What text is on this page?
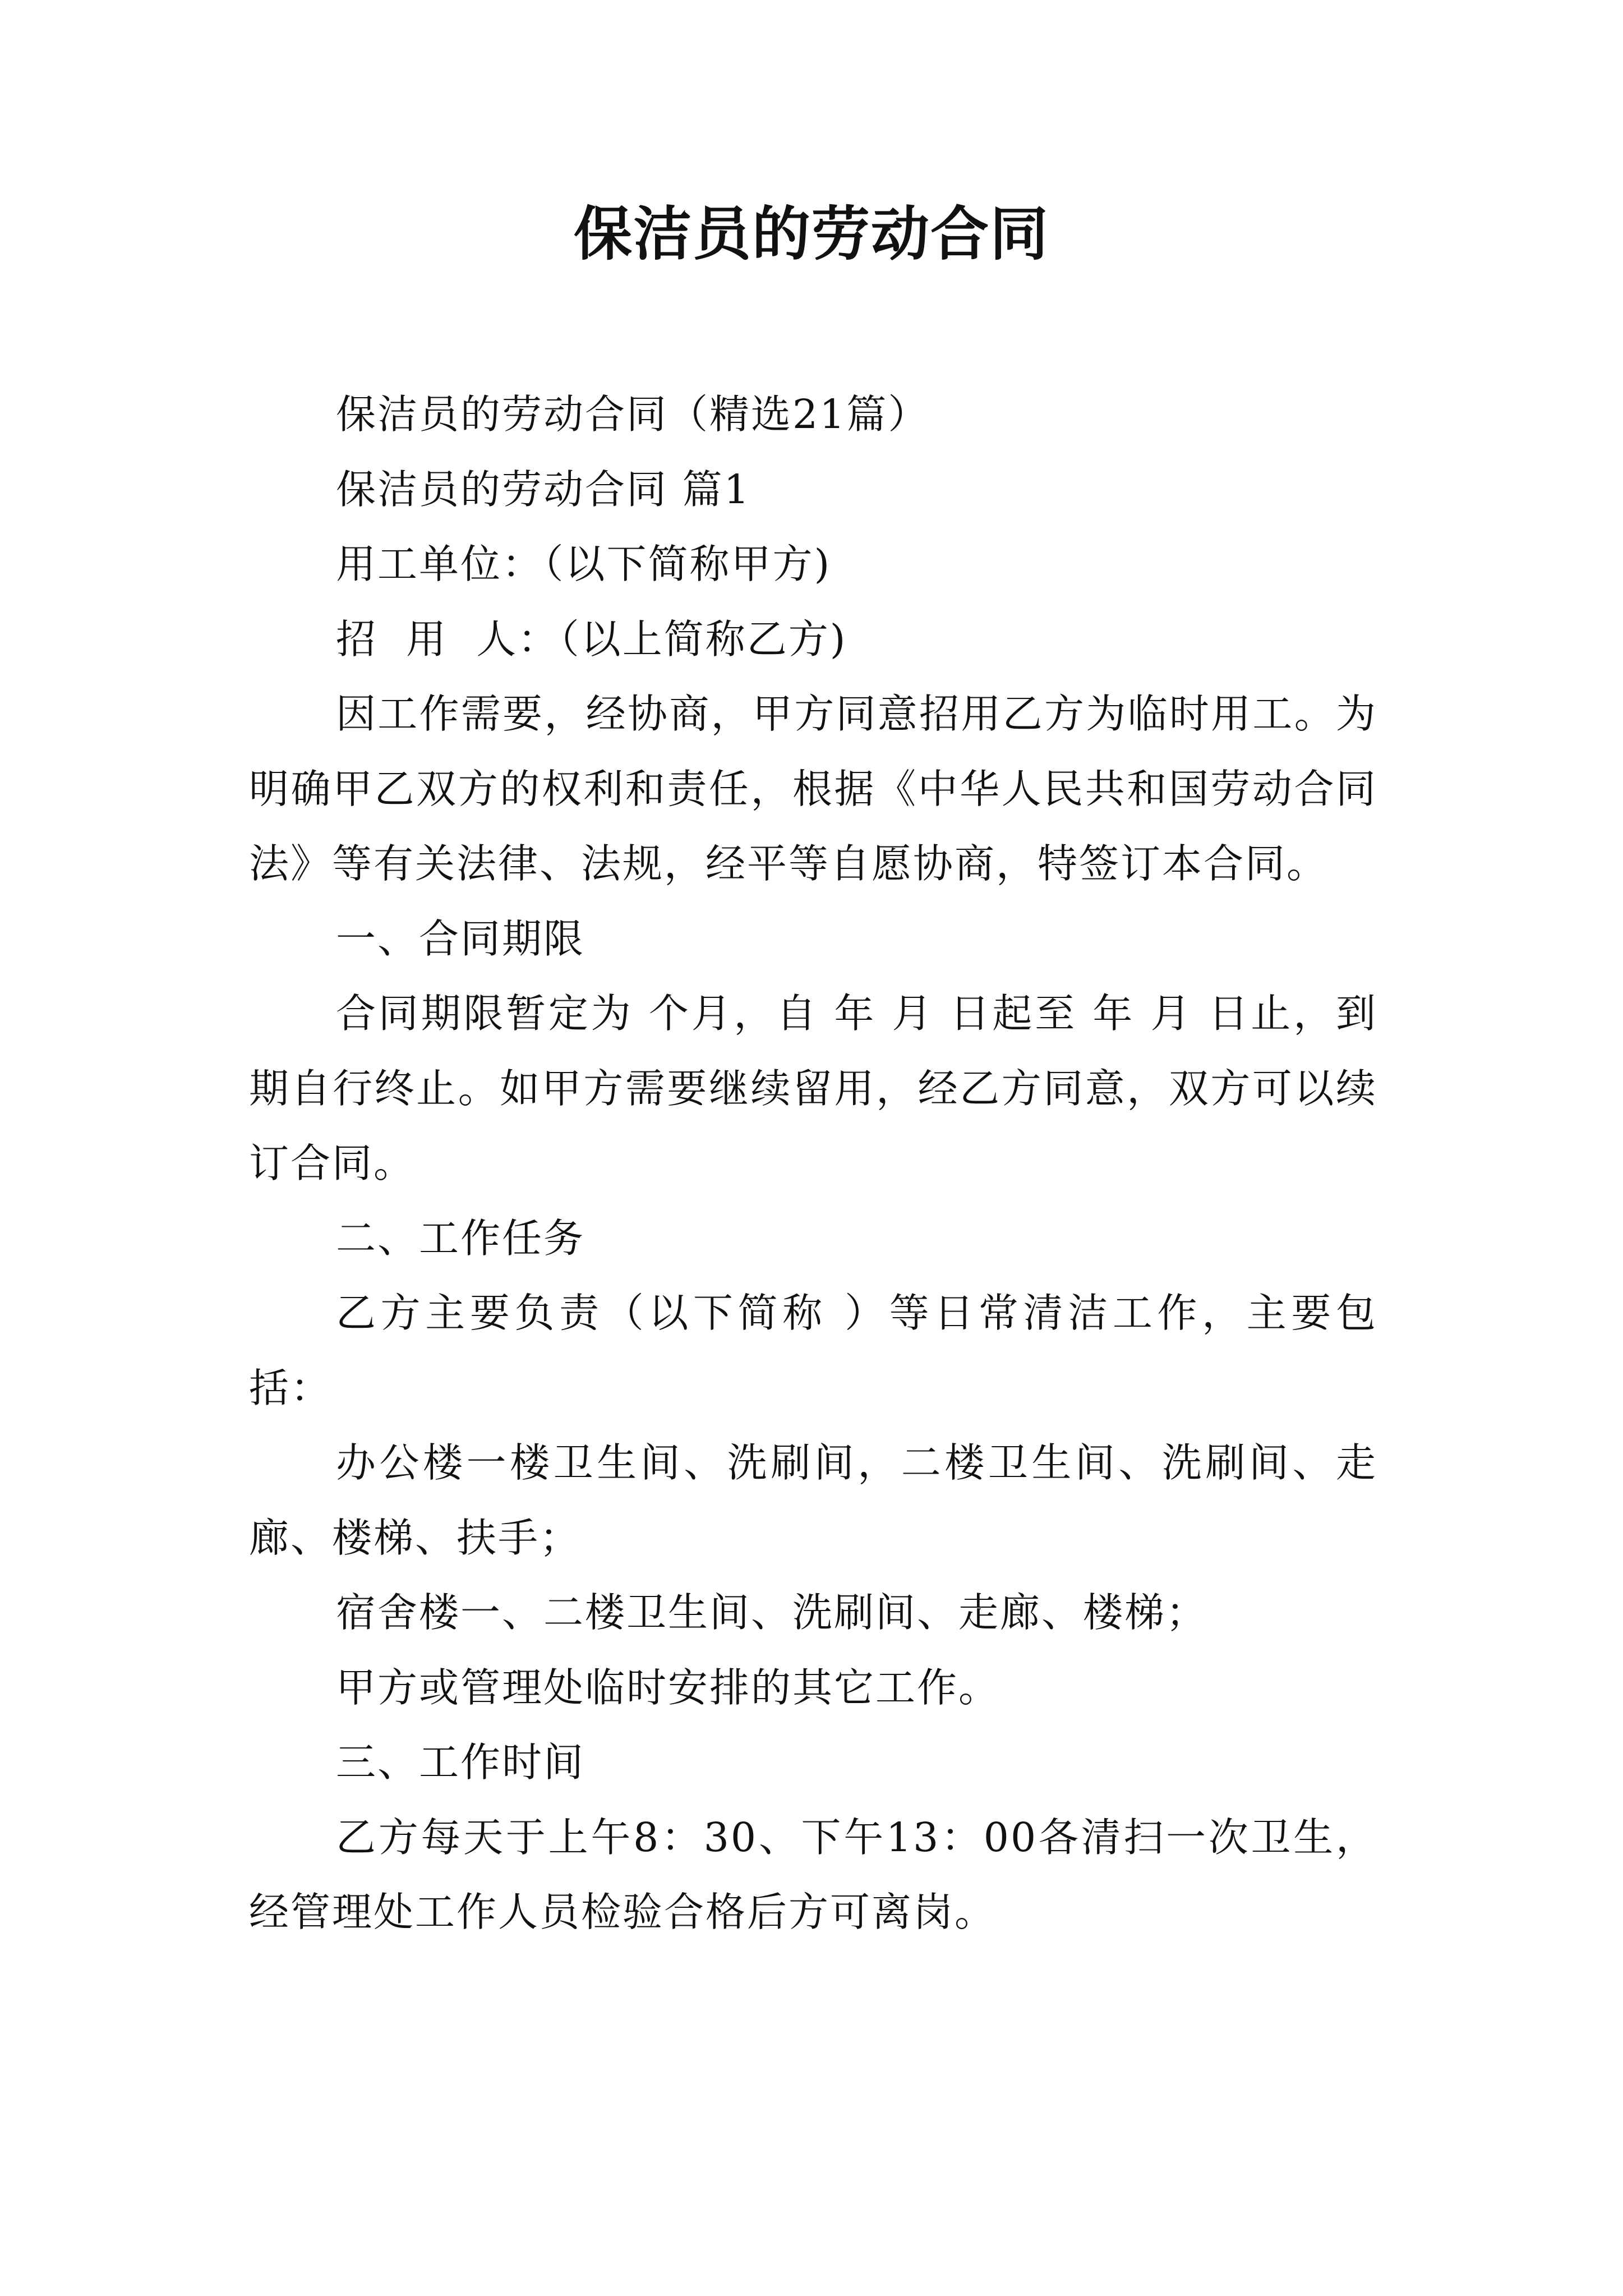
保洁员的劳动合同

保洁员的劳动合同（精选21篇）

保洁员的劳动合同 篇1

用工单位：（以下简称甲方)

招  用  人：（以上简称乙方)

因工作需要，经协商，甲方同意招用乙方为临时用工。为明确甲乙双方的权利和责任，根据《中华人民共和国劳动合同法》等有关法律、法规，经平等自愿协商，特签订本合同。

一、合同期限

合同期限暂定为 个月，自 年 月 日起至 年 月 日止，到期自行终止。如甲方需要继续留用，经乙方同意，双方可以续订合同。

二、工作任务

乙方主要负责（以下简称 ）等日常清洁工作，主要包括：

办公楼一楼卫生间、洗刷间，二楼卫生间、洗刷间、走廊、楼梯、扶手；

宿舍楼一、二楼卫生间、洗刷间、走廊、楼梯；

甲方或管理处临时安排的其它工作。

三、工作时间

乙方每天于上午8：30、下午13：00各清扫一次卫生，经管理处工作人员检验合格后方可离岗。
